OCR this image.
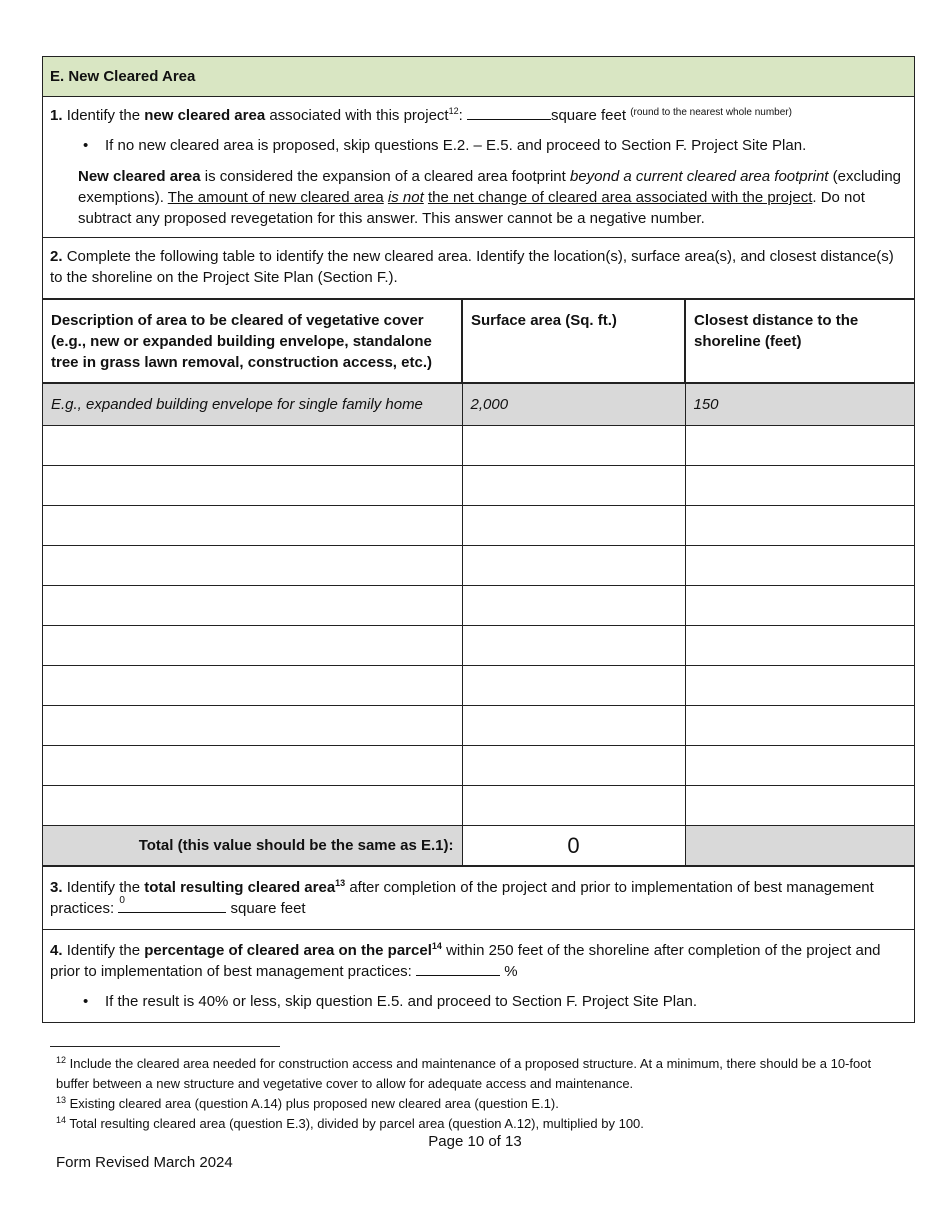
E. New Cleared Area
1. Identify the new cleared area associated with this project$^{12}$:	square feet $^{(round to the nearest whole number)}$
• If no new cleared area is proposed, skip questions E.2. – E.5. and proceed to Section F. Project Site Plan.
New cleared area is considered the expansion of a cleared area footprint beyond a current cleared area footprint (excluding exemptions). The amount of new cleared area is not the net change of cleared area associated with the project. Do not subtract any proposed revegetation for this answer. This answer cannot be a negative number.
2. Complete the following table to identify the new cleared area. Identify the location(s), surface area(s), and closest distance(s) to the shoreline on the Project Site Plan (Section F.).
Description of area to be cleared of vegetative cover (e.g., new or expanded building envelope, standalone tree in grass lawn removal, construction access, etc.)	Surface area (Sq. ft.)	Closest distance to the shoreline (feet)
E.g., expanded building envelope for single family home	2,000	150

Total (this value should be the same as E.1):	0	
3. Identify the total resulting cleared area$^{13}$ after completion of the project and prior to implementation of best management practices: 0	square feet
4. Identify the percentage of cleared area on the parcel$^{14}$ within 250 feet of the shoreline after completion of the project and prior to implementation of best management practices:	%
• If the result is 40% or less, skip question E.5. and proceed to Section F. Project Site Plan.
$^{12}$ Include the cleared area needed for construction access and maintenance of a proposed structure. At a minimum, there should be a 10-foot buffer between a new structure and vegetative cover to allow for adequate access and maintenance.
$^{13}$ Existing cleared area (question A.14) plus proposed new cleared area (question E.1).
$^{14}$ Total resulting cleared area (question E.3), divided by parcel area (question A.12), multiplied by 100.
Page 10 of 13
Form Revised March 2024
